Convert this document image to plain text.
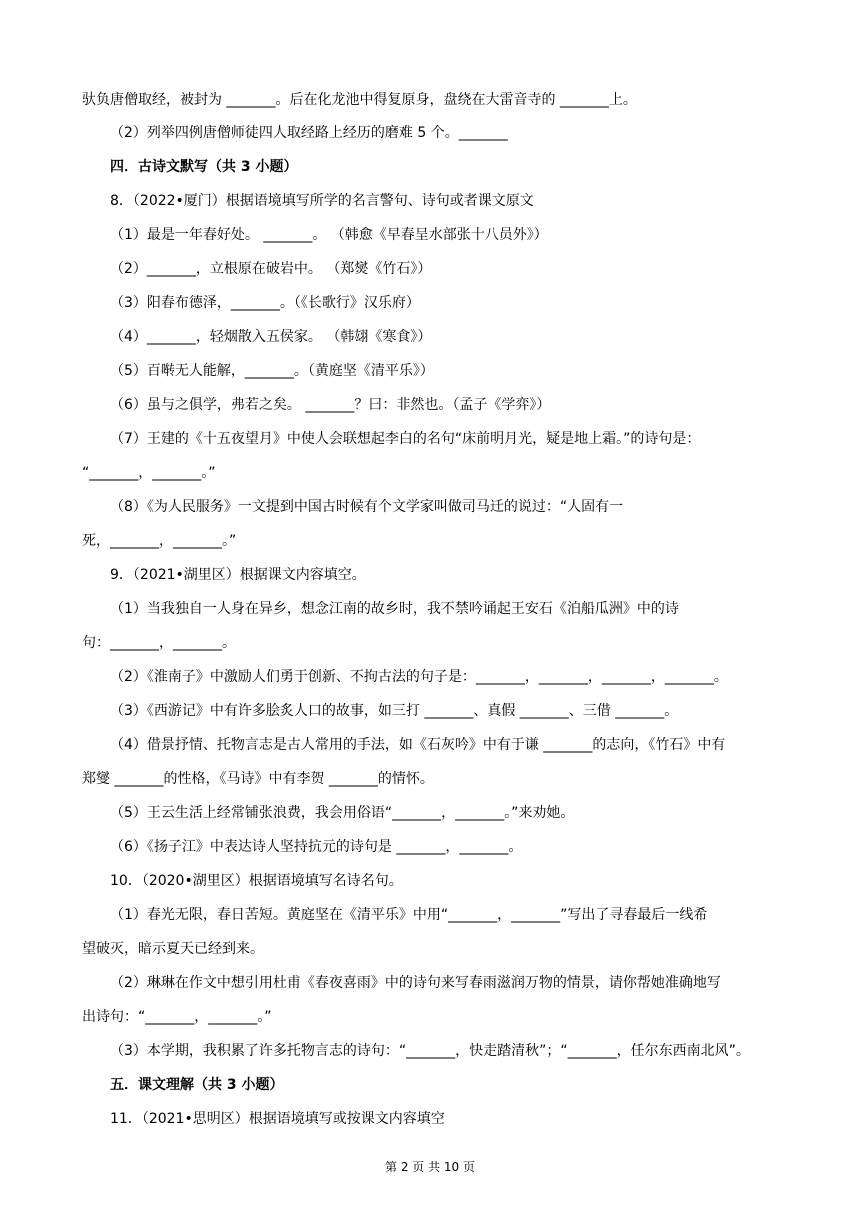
驮负唐僧取经，被封为 _______。后在化龙池中得复原身，盘绕在大雷音寺的 _______上。
（2）列举四例唐僧师徒四人取经路上经历的磨难 5 个。_______
四．古诗文默写（共 3 小题）
8．（2022•厦门）根据语境填写所学的名言警句、诗句或者课文原文
（1）最是一年春好处。 _______。 （韩愈《早春呈水部张十八员外》）
（2）_______，立根原在破岩中。 （郑爕《竹石》）
（3）阳春布德泽，_______。（《长歌行》汉乐府）
（4）_______，轻烟散入五侯家。 （韩翃《寒食》）
（5）百啭无人能解，_______。（黄庭坚《清平乐》）
（6）虽与之俱学，弗若之矣。 _______？曰：非然也。（孟子《学弈》）
（7）王建的《十五夜望月》中使人会联想起李白的名句“床前明月光，疑是地上霜。”的诗句是：
“_______，_______。”
（8）《为人民服务》一文提到中国古时候有个文学家叫做司马迁的说过：“人固有一
死，_______，_______。”
9．（2021•湖里区）根据课文内容填空。
（1）当我独自一人身在异乡，想念江南的故乡时，我不禁吟诵起王安石《泊船瓜洲》中的诗
句：_______，_______。
（2）《淮南子》中激励人们勇于创新、不拘古法的句子是：_______，_______，_______，_______。
（3）《西游记》中有许多脍炙人口的故事，如三打 _______、真假 _______、三借 _______。
（4）借景抒情、托物言志是古人常用的手法，如《石灰吟》中有于谦 _______的志向，《竹石》中有
郑燮 _______的性格，《马诗》中有李贺 _______的情怀。
（5）王云生活上经常铺张浪费，我会用俗语“_______，_______。”来劝她。
（6）《扬子江》中表达诗人坚持抗元的诗句是 _______，_______。
10．（2020•湖里区）根据语境填写名诗名句。
（1）春光无限，春日苦短。黄庭坚在《清平乐》中用“_______，_______”写出了寻春最后一线希
望破灭，暗示夏天已经到来。
（2）琳琳在作文中想引用杜甫《春夜喜雨》中的诗句来写春雨滋润万物的情景，请你帮她准确地写
出诗句：“_______，_______。”
（3）本学期，我积累了许多托物言志的诗句：“_______，快走踏清秋”；“_______，任尔东西南北风”。
五．课文理解（共 3 小题）
11．（2021•思明区）根据语境填写或按课文内容填空
第 2 页 共 10 页
